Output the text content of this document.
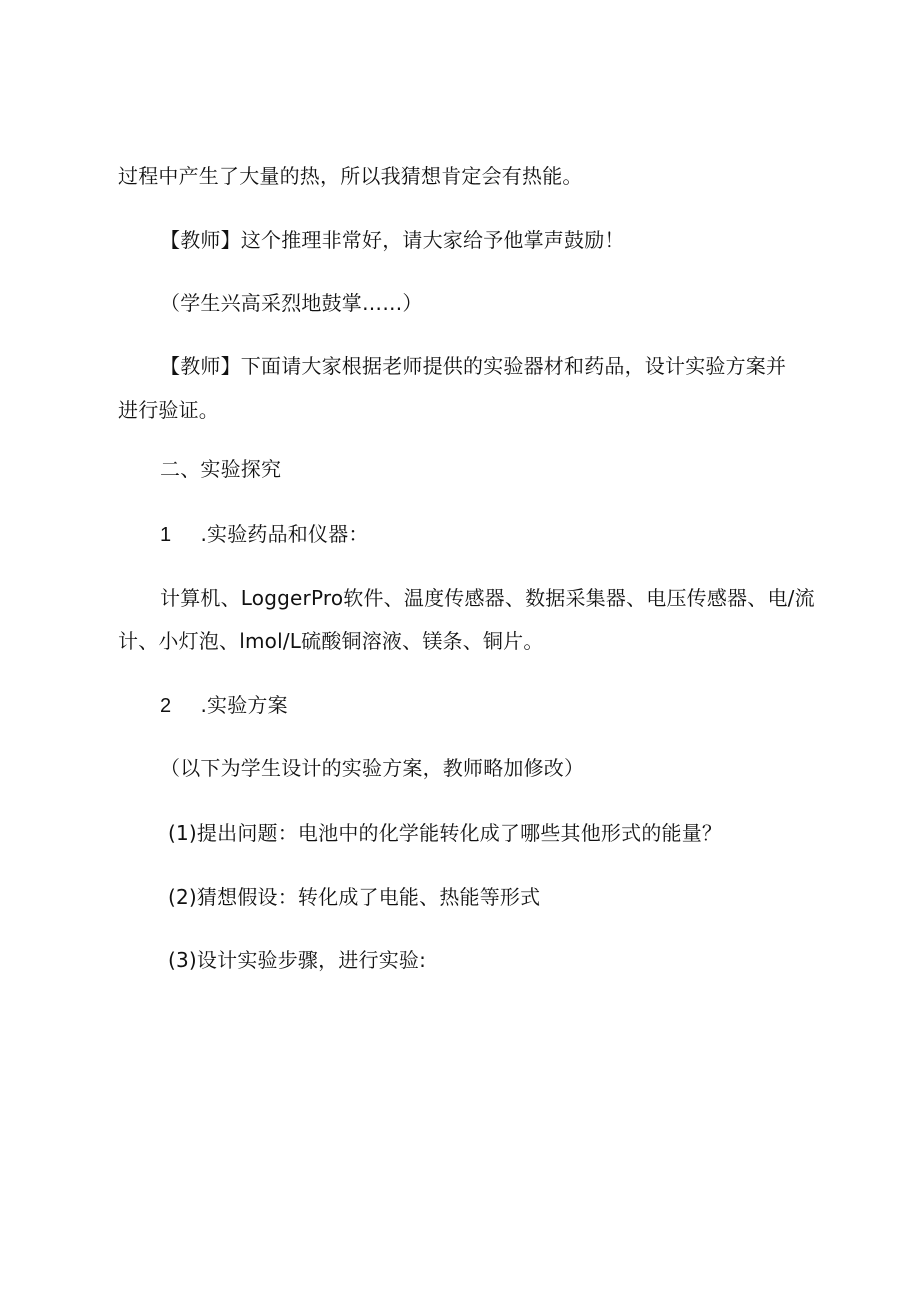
过程中产生了大量的热，所以我猜想肯定会有热能。
【教师】这个推理非常好，请大家给予他掌声鼓励！
（学生兴高采烈地鼓掌……）
【教师】下面请大家根据老师提供的实验器材和药品，设计实验方案并
进行验证。
二、实验探究
1 .实验药品和仪器：
计算机、LoggerPro软件、温度传感器、数据采集器、电压传感器、电/流
计、小灯泡、lmol/L硫酸铜溶液、镁条、铜片。
2 .实验方案
（以下为学生设计的实验方案，教师略加修改）
(1)提出问题：电池中的化学能转化成了哪些其他形式的能量？
(2)猜想假设：转化成了电能、热能等形式
(3)设计实验步骤，进行实验:
